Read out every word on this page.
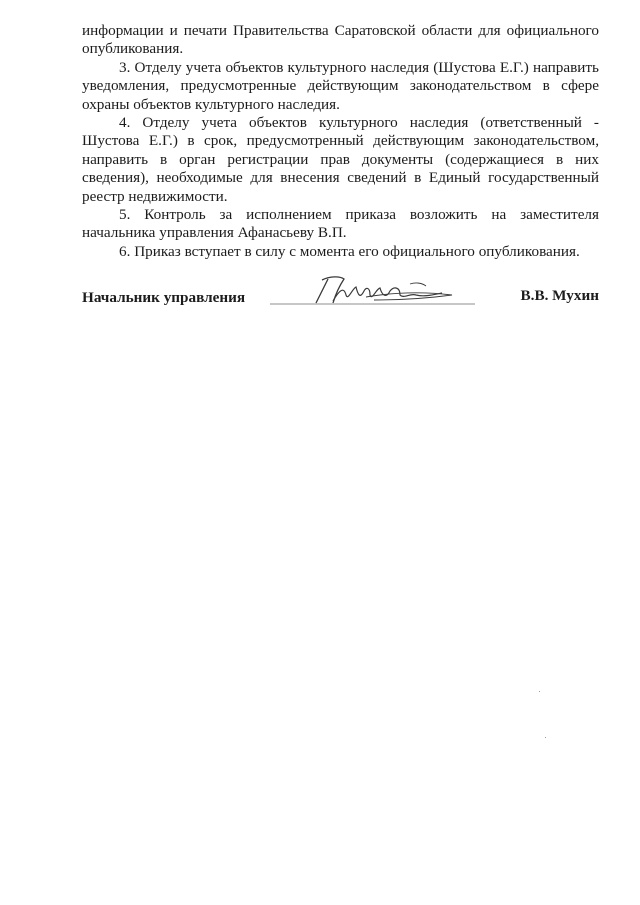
информации и печати Правительства Саратовской области для официального опубликования.

3. Отделу учета объектов культурного наследия (Шустова Е.Г.) направить уведомления, предусмотренные действующим законодательством в сфере охраны объектов культурного наследия.

4. Отделу учета объектов культурного наследия (ответственный - Шустова Е.Г.) в срок, предусмотренный действующим законодательством, направить в орган регистрации прав документы (содержащиеся в них сведения), необходимые для внесения сведений в Единый государственный реестр недвижимости.

5. Контроль за исполнением приказа возложить на заместителя начальника управления Афанасьеву В.П.

6. Приказ вступает в силу с момента его официального опубликования.

Начальник управления	В.В. Мухин
